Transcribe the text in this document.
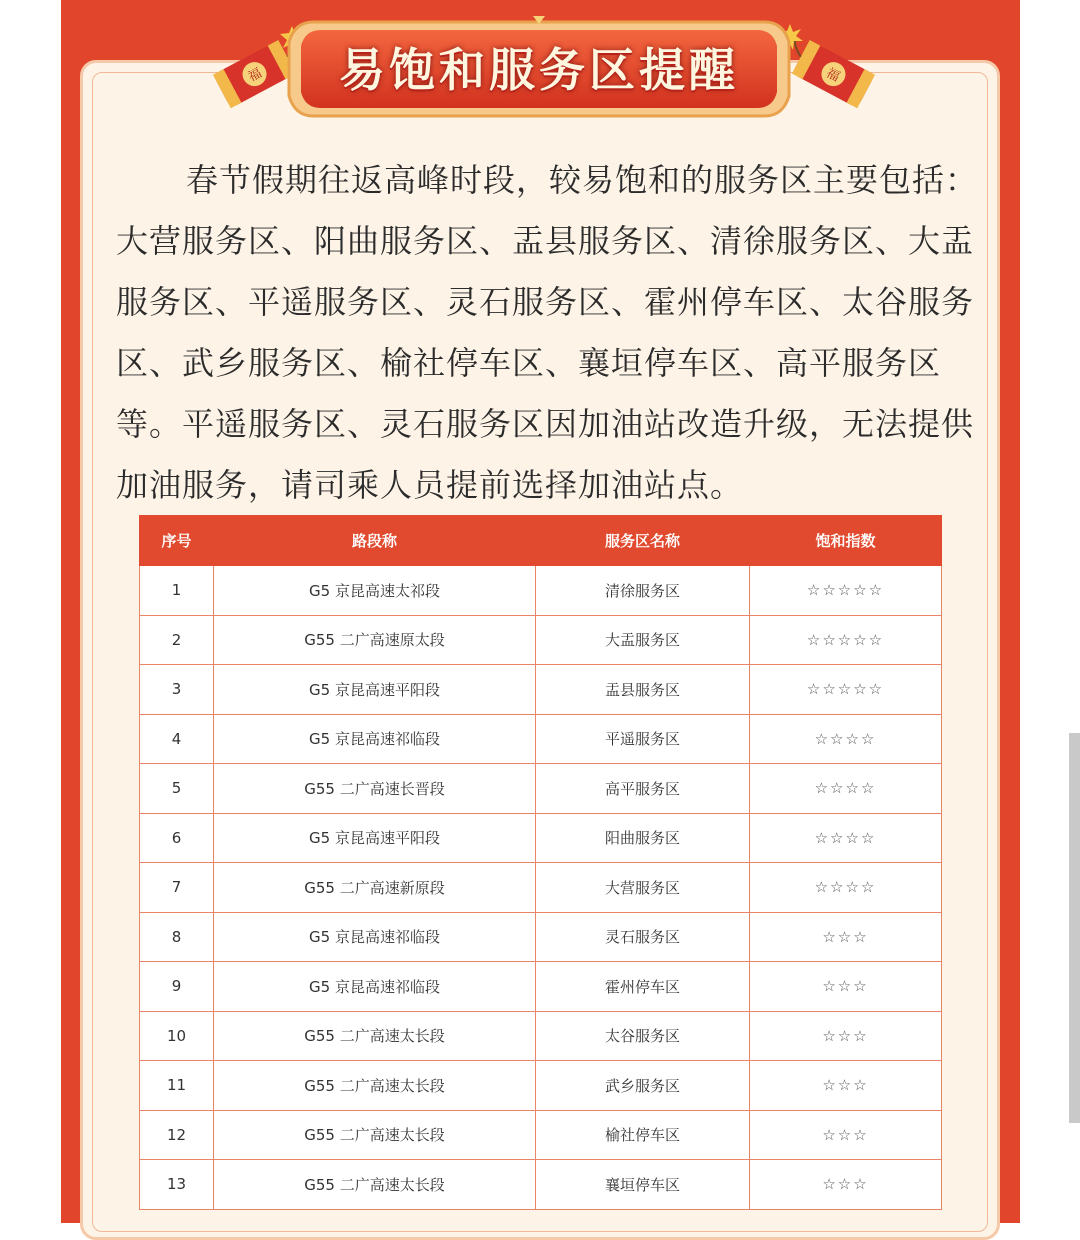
福	福
易饱和服务区提醒

春节假期往返高峰时段，较易饱和的服务区主要包括：大营服务区、阳曲服务区、盂县服务区、清徐服务区、大盂服务区、平遥服务区、灵石服务区、霍州停车区、太谷服务区、武乡服务区、榆社停车区、襄垣停车区、高平服务区等。平遥服务区、灵石服务区因加油站改造升级，无法提供加油服务，请司乘人员提前选择加油站点。

序号	路段称	服务区名称	饱和指数
1	G5 京昆高速太祁段	清徐服务区	☆☆☆☆☆
2	G55 二广高速原太段	大盂服务区	☆☆☆☆☆
3	G5 京昆高速平阳段	盂县服务区	☆☆☆☆☆
4	G5 京昆高速祁临段	平遥服务区	☆☆☆☆
5	G55 二广高速长晋段	高平服务区	☆☆☆☆
6	G5 京昆高速平阳段	阳曲服务区	☆☆☆☆
7	G55 二广高速新原段	大营服务区	☆☆☆☆
8	G5 京昆高速祁临段	灵石服务区	☆☆☆
9	G5 京昆高速祁临段	霍州停车区	☆☆☆
10	G55 二广高速太长段	太谷服务区	☆☆☆
11	G55 二广高速太长段	武乡服务区	☆☆☆
12	G55 二广高速太长段	榆社停车区	☆☆☆
13	G55 二广高速太长段	襄垣停车区	☆☆☆
